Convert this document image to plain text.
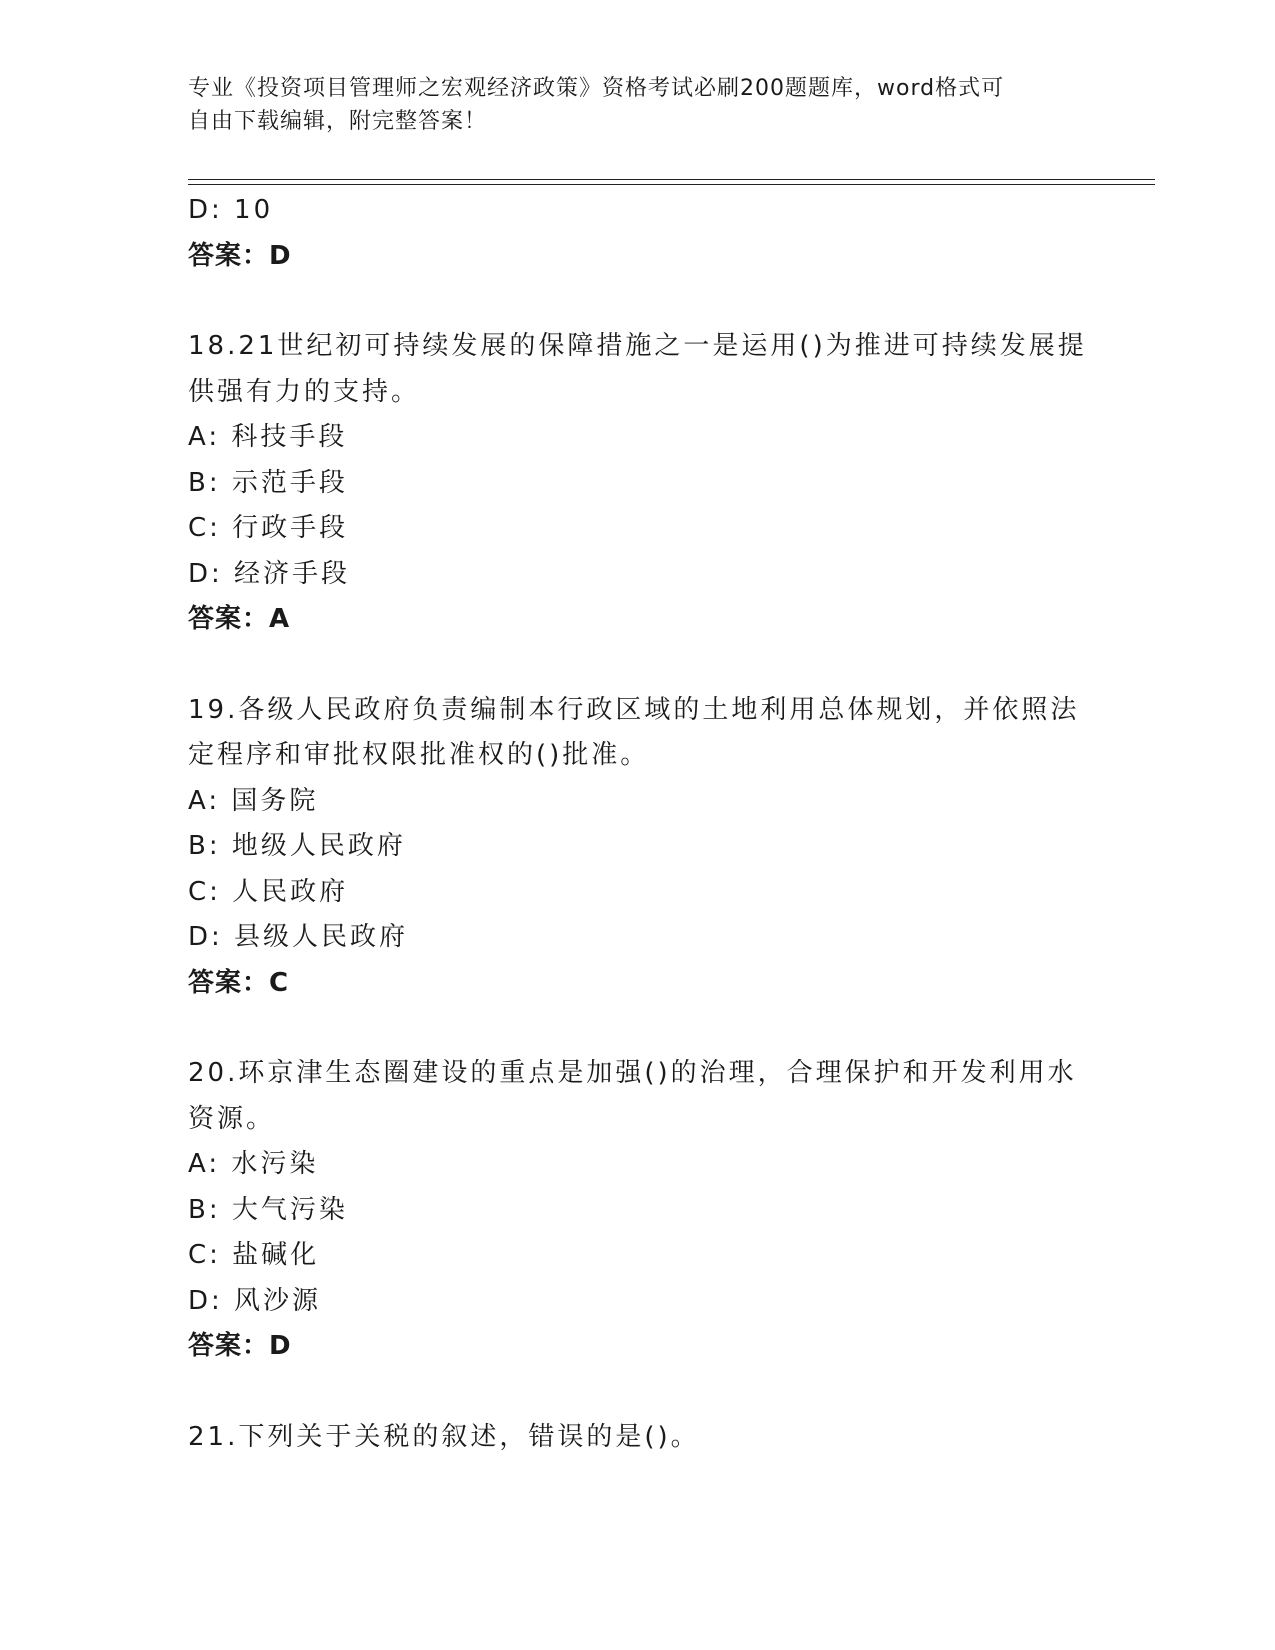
专业《投资项目管理师之宏观经济政策》资格考试必刷200题题库，word格式可
自由下载编辑，附完整答案！
D: 10
答案：D
18.21世纪初可持续发展的保障措施之一是运用()为推进可持续发展提
供强有力的支持。
A: 科技手段
B: 示范手段
C: 行政手段
D: 经济手段
答案：A
19.各级人民政府负责编制本行政区域的土地利用总体规划，并依照法
定程序和审批权限批准权的()批准。
A: 国务院
B: 地级人民政府
C: 人民政府
D: 县级人民政府
答案：C
20.环京津生态圈建设的重点是加强()的治理，合理保护和开发利用水
资源。
A: 水污染
B: 大气污染
C: 盐碱化
D: 风沙源
答案：D
21.下列关于关税的叙述，错误的是()。
